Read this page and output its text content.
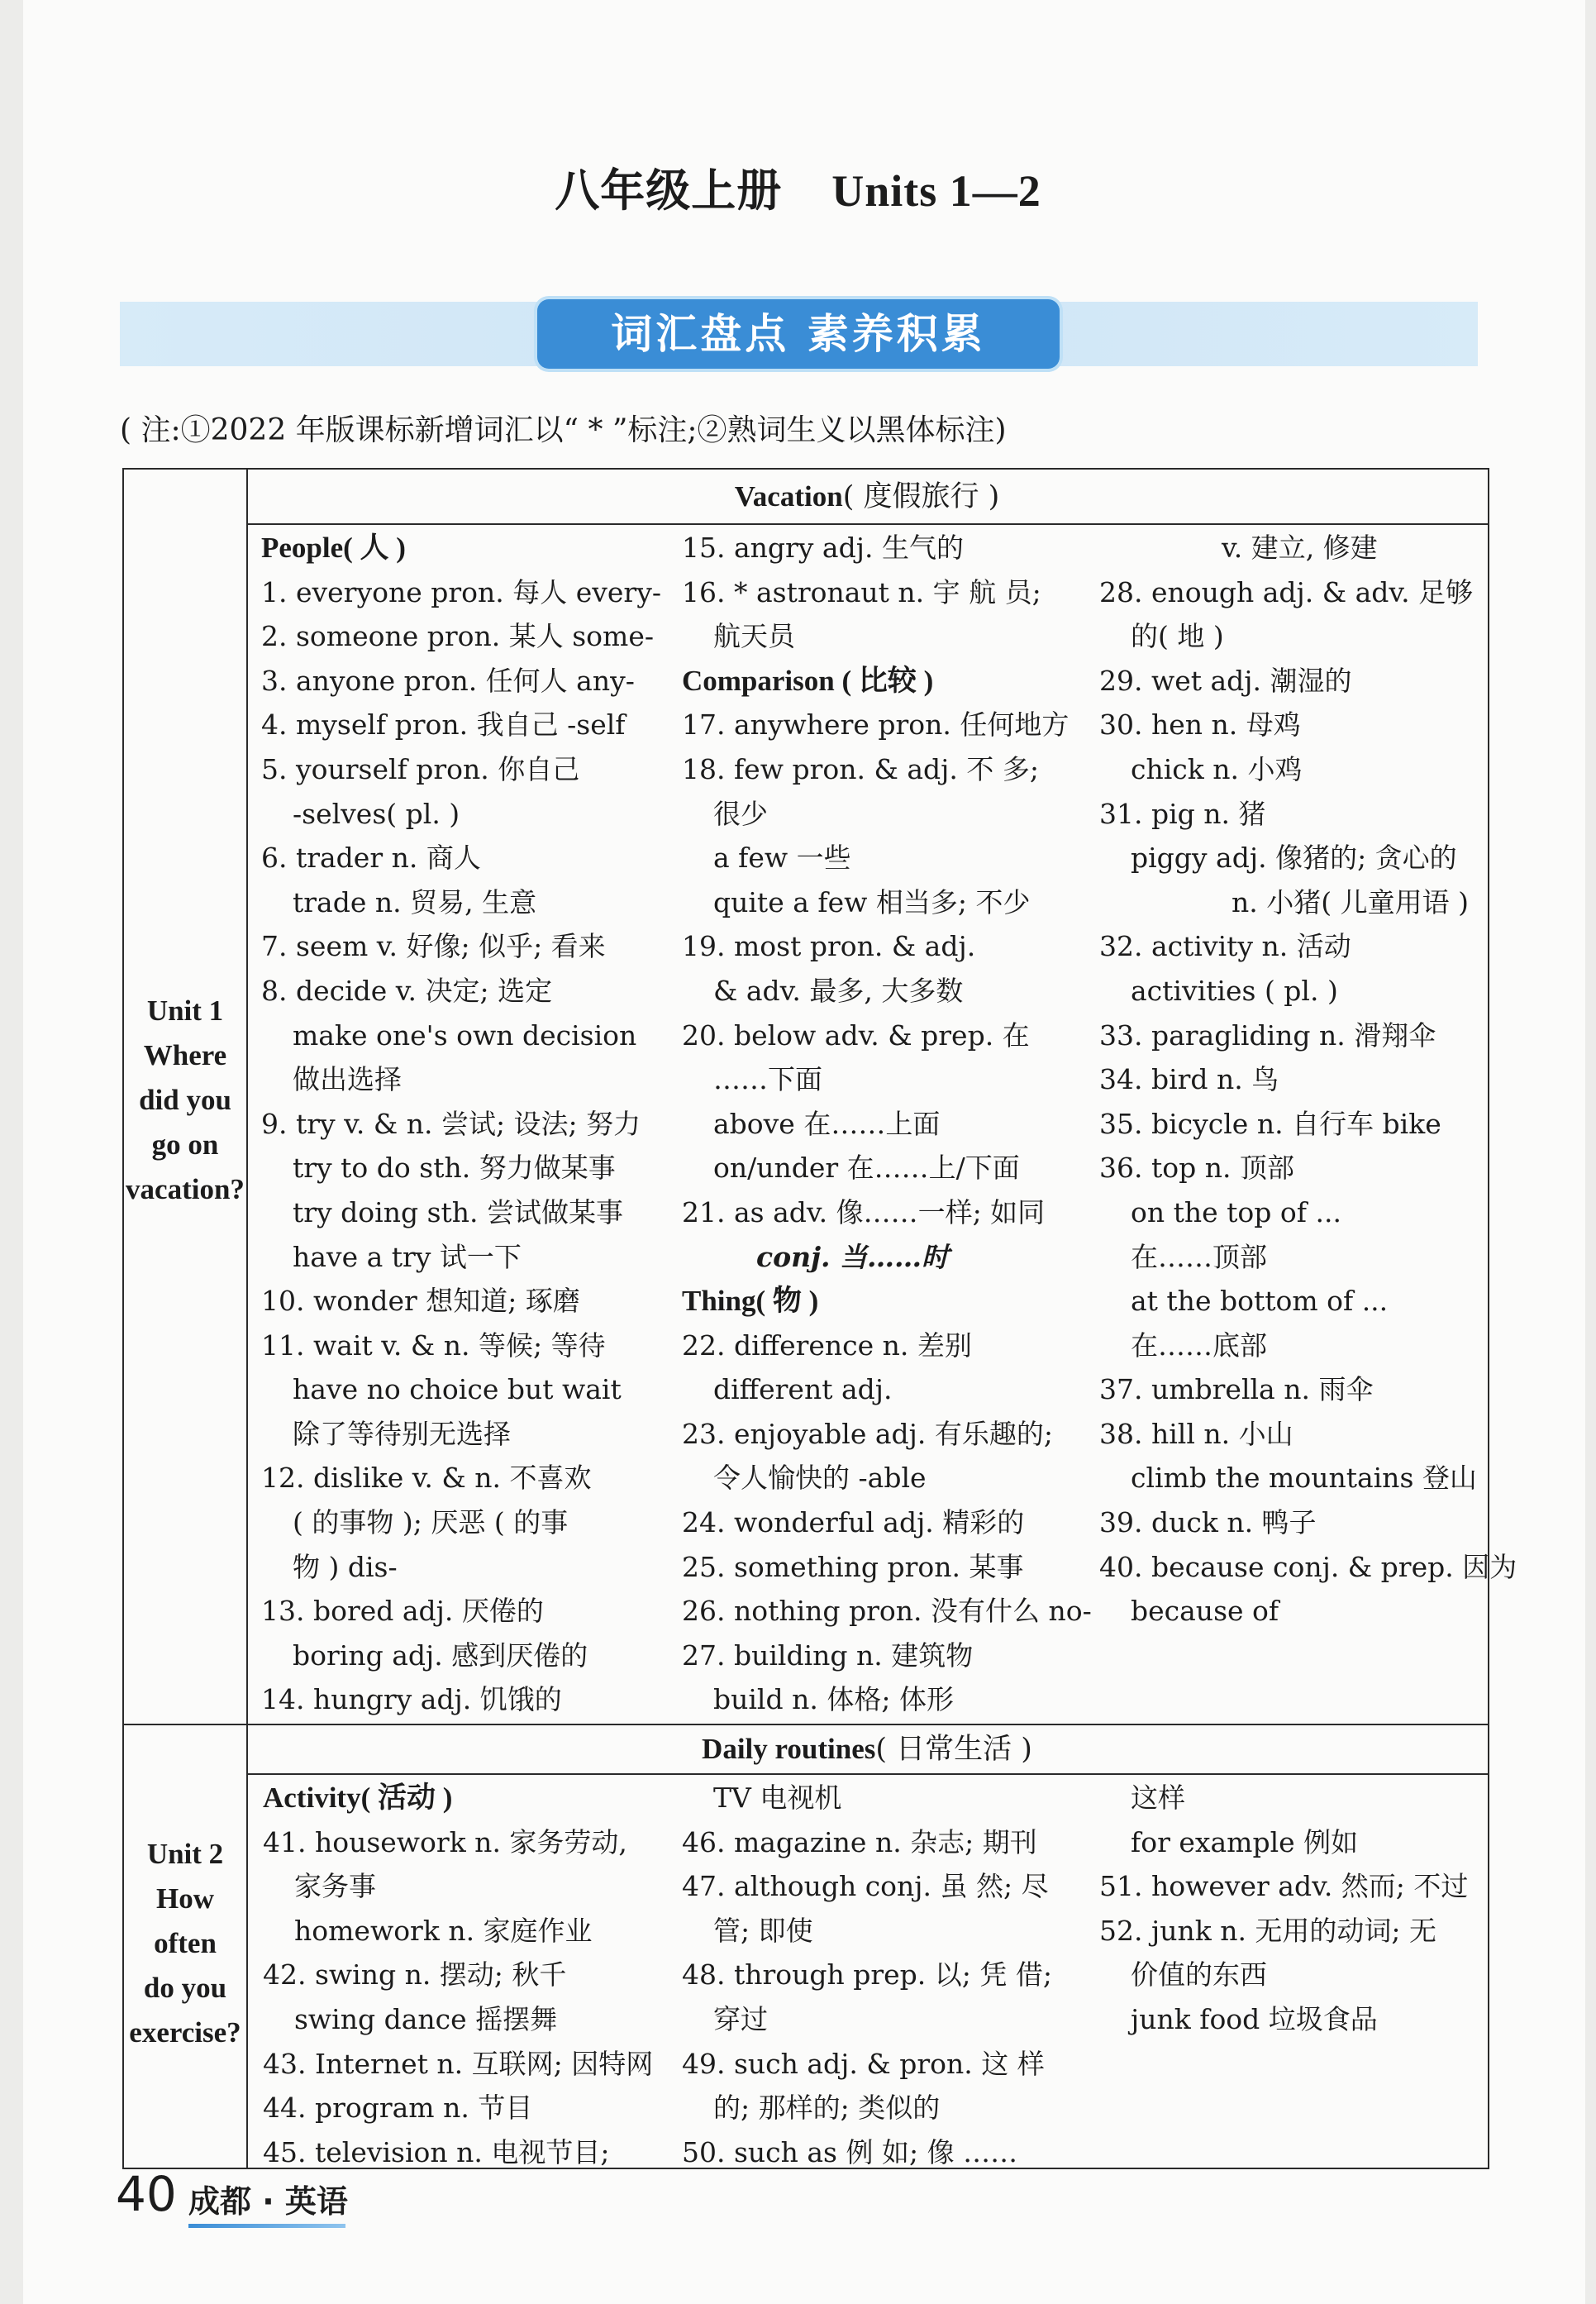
八年级上册 Units 1—2
词汇盘点 素养积累
( 注:①2022 年版课标新增词汇以“ * ”标注;②熟词生义以黑体标注)
Vacation( 度假旅行 )
Unit 1
Where
did you
go on
vacation?
People( 人 )
1. everyone pron. 每人 every-
2. someone pron. 某人 some-
3. anyone pron. 任何人 any-
4. myself pron. 我自己 -self
5. yourself pron. 你自己
-selves( pl. )
6. trader n. 商人
trade n. 贸易, 生意
7. seem v. 好像; 似乎; 看来
8. decide v. 决定; 选定
make one's own decision
做出选择
9. try v. & n. 尝试; 设法; 努力
try to do sth. 努力做某事
try doing sth. 尝试做某事
have a try 试一下
10. wonder 想知道; 琢磨
11. wait v. & n. 等候; 等待
have no choice but wait
除了等待别无选择
12. dislike v. & n. 不喜欢
( 的事物 ); 厌恶 ( 的事
物 ) dis-
13. bored adj. 厌倦的
boring adj. 感到厌倦的
14. hungry adj. 饥饿的
15. angry adj. 生气的
16. * astronaut n. 宇 航 员;
航天员
Comparison ( 比较 )
17. anywhere pron. 任何地方
18. few pron. & adj. 不 多;
很少
a few 一些
quite a few 相当多; 不少
19. most pron. & adj.
& adv. 最多, 大多数
20. below adv. & prep. 在
……下面
above 在……上面
on/under 在……上/下面
21. as adv. 像……一样; 如同
conj. 当……时
Thing( 物 )
22. difference n. 差别
different adj.
23. enjoyable adj. 有乐趣的;
令人愉快的 -able
24. wonderful adj. 精彩的
25. something pron. 某事
26. nothing pron. 没有什么 no-
27. building n. 建筑物
build n. 体格; 体形
v. 建立, 修建
28. enough adj. & adv. 足够
的( 地 )
29. wet adj. 潮湿的
30. hen n. 母鸡
chick n. 小鸡
31. pig n. 猪
piggy adj. 像猪的; 贪心的
n. 小猪( 儿童用语 )
32. activity n. 活动
activities ( pl. )
33. paragliding n. 滑翔伞
34. bird n. 鸟
35. bicycle n. 自行车 bike
36. top n. 顶部
on the top of ...
在……顶部
at the bottom of ...
在……底部
37. umbrella n. 雨伞
38. hill n. 小山
climb the mountains 登山
39. duck n. 鸭子
40. because conj. & prep. 因为
because of
Daily routines( 日常生活 )
Unit 2
How
often
do you
exercise?
Activity( 活动 )
41. housework n. 家务劳动,
家务事
homework n. 家庭作业
42. swing n. 摆动; 秋千
swing dance 摇摆舞
43. Internet n. 互联网; 因特网
44. program n. 节目
45. television n. 电视节目;
TV 电视机
46. magazine n. 杂志; 期刊
47. although conj. 虽 然; 尽
管; 即使
48. through prep. 以; 凭 借;
穿过
49. such adj. & pron. 这 样
的; 那样的; 类似的
50. such as 例 如; 像 ……
这样
for example 例如
51. however adv. 然而; 不过
52. junk n. 无用的动词; 无
价值的东西
junk food 垃圾食品
40 成都 · 英语
